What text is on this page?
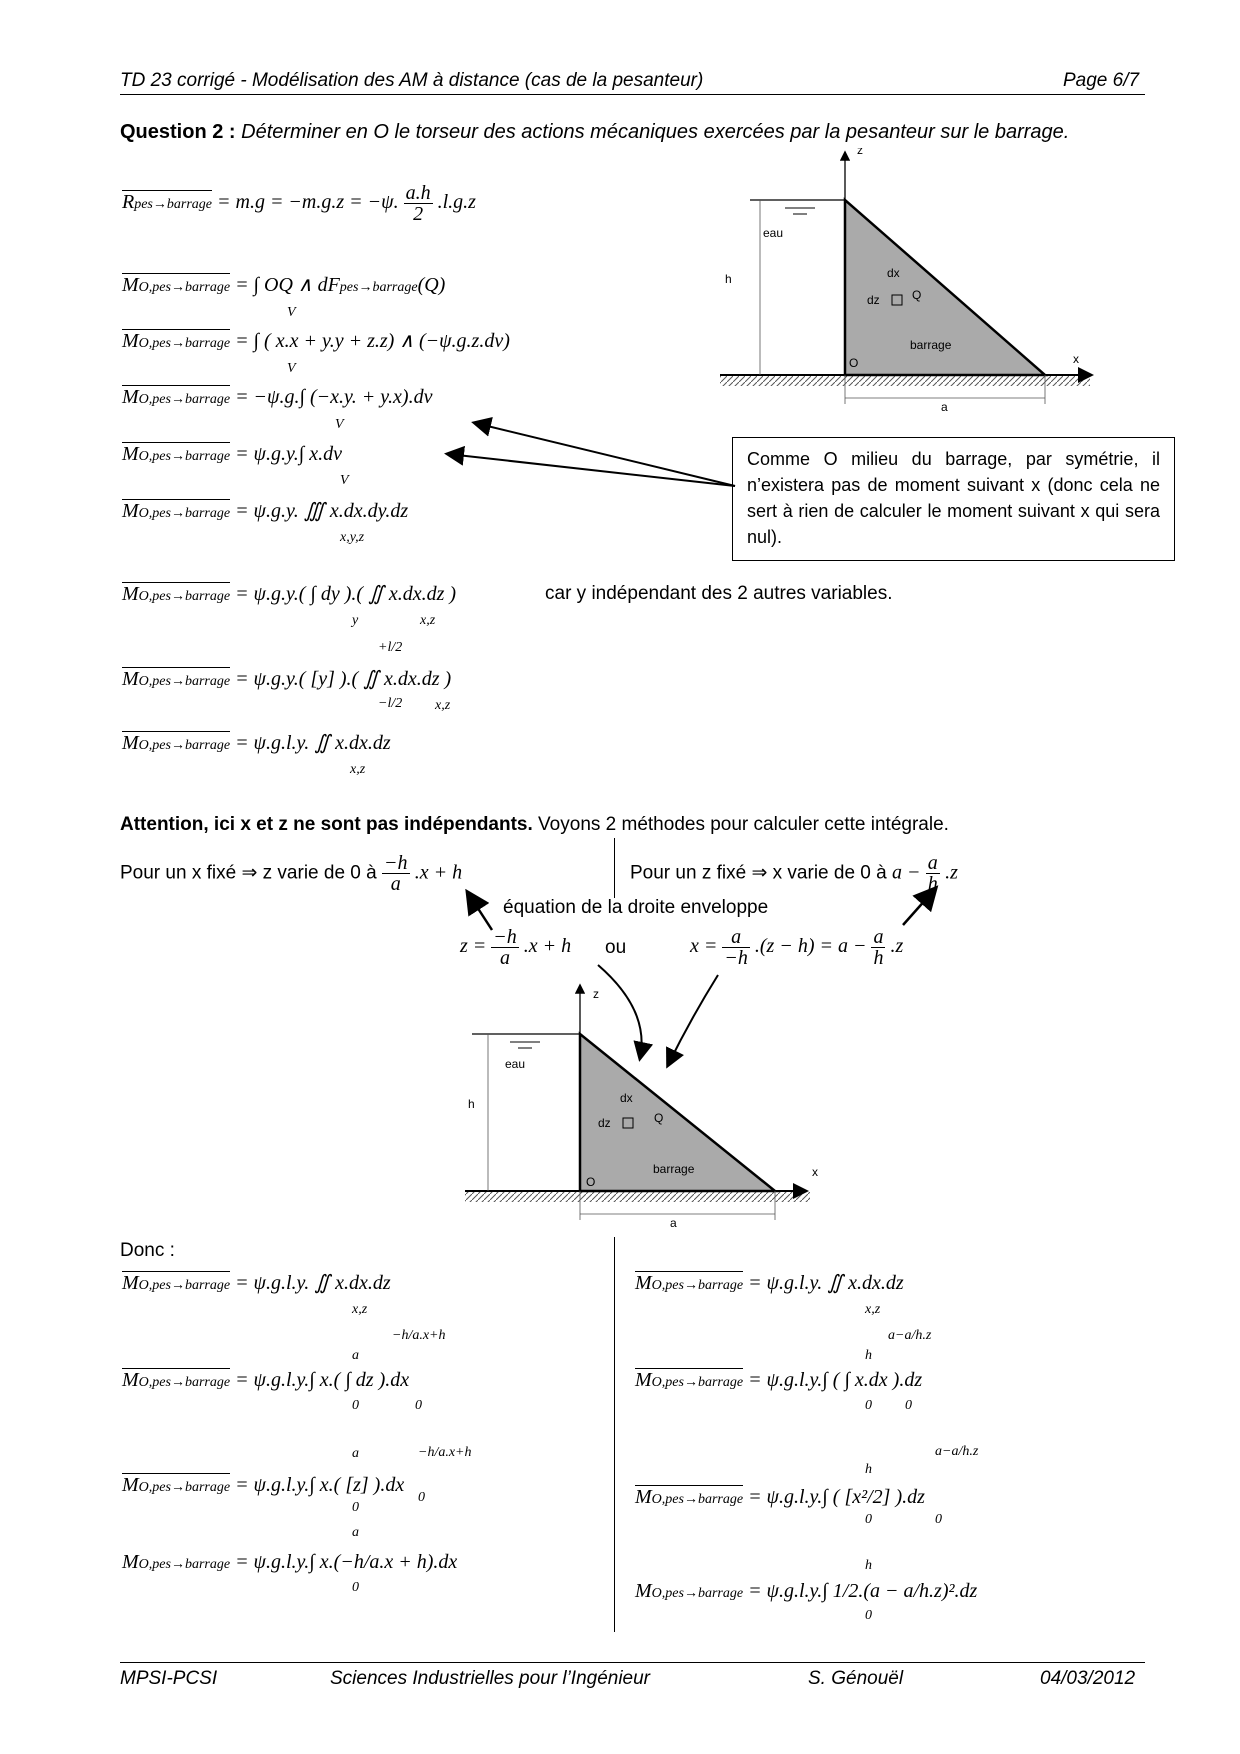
TD 23 corrigé - Modélisation des AM à distance (cas de la pesanteur)	Page 6/7
Question 2 : Déterminer en O le torseur des actions mécaniques exercées par la pesanteur sur le barrage.
Rpes→barrage = m.g = −m.g.z = −ψ. $\frac{a.h}{2} .l.g.z$
MO,pes→barrage = ∫ OQ ∧ dFpes→barrage(Q)
V
MO,pes→barrage = ∫ ( x.x + y.y + z.z) ∧ (−ψ.g.z.dv)
V
MO,pes→barrage = −ψ.g.∫ (−x.y. + y.x).dv
V
MO,pes→barrage = ψ.g.y.∫ x.dv
V
MO,pes→barrage = ψ.g.y. ∭ x.dx.dy.dz
x,y,z
MO,pes→barrage = ψ.g.y.( ∫ dy ).( ∬ x.dx.dz )
y	x,z
car y indépendant des 2 autres variables.
MO,pes→barrage = ψ.g.y.( [y] ).( ∬ x.dx.dz )
+l/2
−l/2 x,z
MO,pes→barrage = ψ.g.l.y. ∬ x.dx.dz
x,z
z
eau
h	dx
dz	Q
barrage
O	x
a
Comme O milieu du barrage, par symétrie, il n’existera pas de moment suivant x (donc cela ne sert à rien de calculer le moment suivant x qui sera nul).
Attention, ici x et z ne sont pas indépendants. Voyons 2 méthodes pour calculer cette intégrale.
Pour un x fixé ⇒ z varie de 0 à $\frac{-h}{a} .x + h$	Pour un z fixé ⇒ x varie de 0 à $a - \frac{a}{h} .z$
équation de la droite enveloppe
$z = \frac{-h}{a} .x + h$ ou	$x = \frac{a}{-h} .(z - h) = a - \frac{a}{h} .z$
z
eau
h	dx
dz	Q
barrage
O
x
a
Donc :
MO,pes→barrage = ψ.g.l.y. ∬ x.dx.dz
x,z
MO,pes→barrage = ψ.g.l.y.∫ x.( ∫ dz ).dx
a
0
−h/a.x+h
0
MO,pes→barrage = ψ.g.l.y.∫ x.( [z] ).dx
a
0
−h/a.x+h
0
MO,pes→barrage = ψ.g.l.y.∫ x.(−h/a.x + h).dx
a
0
MO,pes→barrage = ψ.g.l.y. ∬ x.dx.dz
x,z
MO,pes→barrage = ψ.g.l.y.∫ ( ∫ x.dx ).dz
h
0
a−a/h.z
0
MO,pes→barrage = ψ.g.l.y.∫ ( [x²/2] ).dz
h
0
a−a/h.z
0
MO,pes→barrage = ψ.g.l.y.∫ 1/2.(a − a/h.z)².dz
h
0
MPSI-PCSI	Sciences Industrielles pour l’Ingénieur	S. Génouël	04/03/2012
